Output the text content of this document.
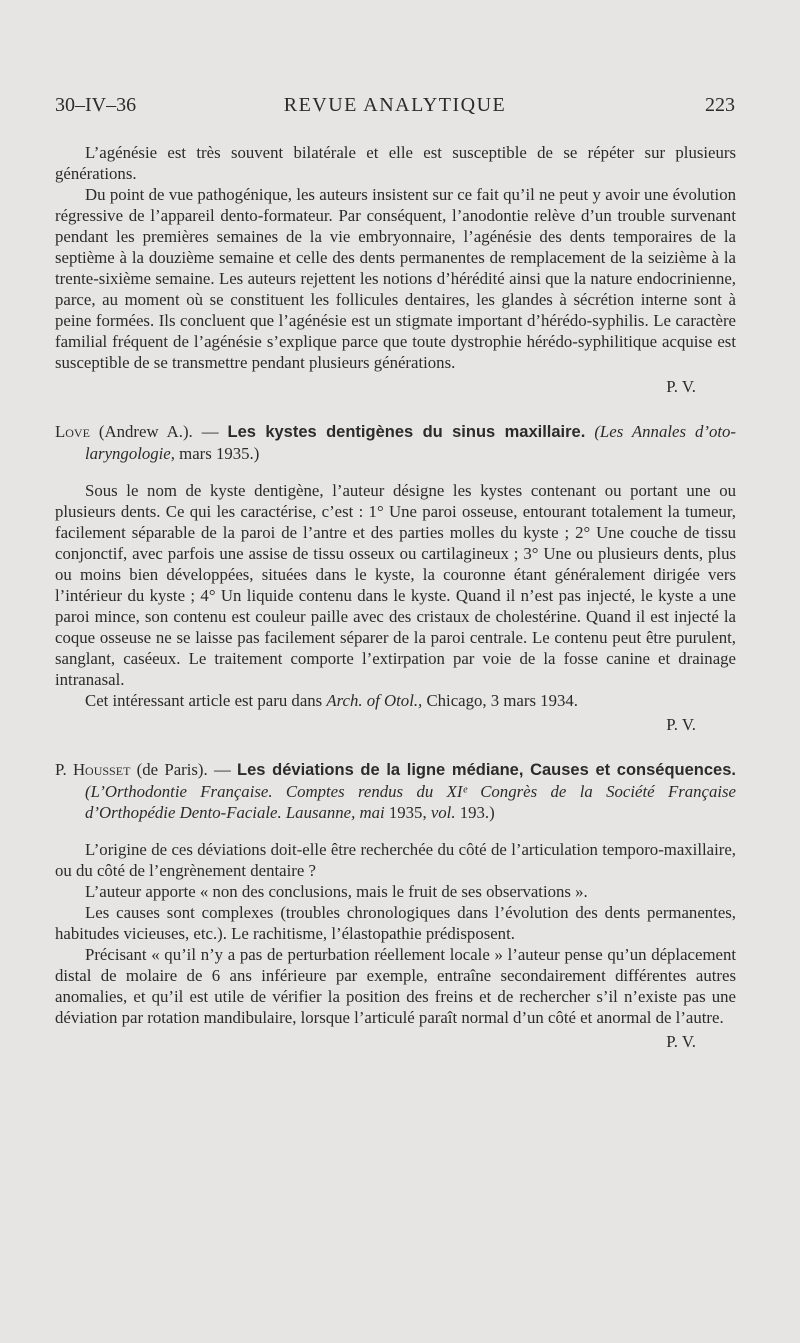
30–IV–36	REVUE ANALYTIQUE	223

L’agénésie est très souvent bilatérale et elle est susceptible de se répéter sur plusieurs générations.

Du point de vue pathogénique, les auteurs insistent sur ce fait qu’il ne peut y avoir une évolution régressive de l’appareil dento-formateur. Par conséquent, l’anodontie relève d’un trouble survenant pendant les premières semaines de la vie embryonnaire, l’agénésie des dents temporaires de la septième à la douzième semaine et celle des dents permanentes de remplacement de la seizième à la trente-sixième semaine. Les auteurs rejettent les notions d’hérédité ainsi que la nature endocrinienne, parce, au moment où se constituent les follicules dentaires, les glandes à sécrétion interne sont à peine formées. Ils concluent que l’agénésie est un stigmate important d’hérédo-syphilis. Le caractère familial fréquent de l’agénésie s’explique parce que toute dystrophie hérédo-syphilitique acquise est susceptible de se transmettre pendant plusieurs générations.

P. V.
Love (Andrew A.). — Les kystes dentigènes du sinus maxillaire. (Les Annales d’oto-laryngologie, mars 1935.)

Sous le nom de kyste dentigène, l’auteur désigne les kystes contenant ou portant une ou plusieurs dents. Ce qui les caractérise, c’est : 1° Une paroi osseuse, entourant totalement la tumeur, facilement séparable de la paroi de l’antre et des parties molles du kyste ; 2° Une couche de tissu conjonctif, avec parfois une assise de tissu osseux ou cartilagineux ; 3° Une ou plusieurs dents, plus ou moins bien développées, situées dans le kyste, la couronne étant généralement dirigée vers l’intérieur du kyste ; 4° Un liquide contenu dans le kyste. Quand il n’est pas injecté, le kyste a une paroi mince, son contenu est couleur paille avec des cristaux de cholestérine. Quand il est injecté la coque osseuse ne se laisse pas facilement séparer de la paroi centrale. Le contenu peut être purulent, sanglant, caséeux. Le traitement comporte l’extirpation par voie de la fosse canine et drainage intranasal.

Cet intéressant article est paru dans Arch. of Otol., Chicago, 3 mars 1934.

P. V.
P. Housset (de Paris). — Les déviations de la ligne médiane, Causes et conséquences. (L’Orthodontie Française. Comptes rendus du XIᵉ Congrès de la Société Française d’Orthopédie Dento-Faciale. Lausanne, mai 1935, vol. 193.)

L’origine de ces déviations doit-elle être recherchée du côté de l’articulation temporo-maxillaire, ou du côté de l’engrènement dentaire ?

L’auteur apporte « non des conclusions, mais le fruit de ses observations ».

Les causes sont complexes (troubles chronologiques dans l’évolution des dents permanentes, habitudes vicieuses, etc.). Le rachitisme, l’élastopathie prédisposent.

Précisant « qu’il n’y a pas de perturbation réellement locale » l’auteur pense qu’un déplacement distal de molaire de 6 ans inférieure par exemple, entraîne secondairement différentes autres anomalies, et qu’il est utile de vérifier la position des freins et de rechercher s’il n’existe pas une déviation par rotation mandibulaire, lorsque l’articulé paraît normal d’un côté et anormal de l’autre.

P. V.
